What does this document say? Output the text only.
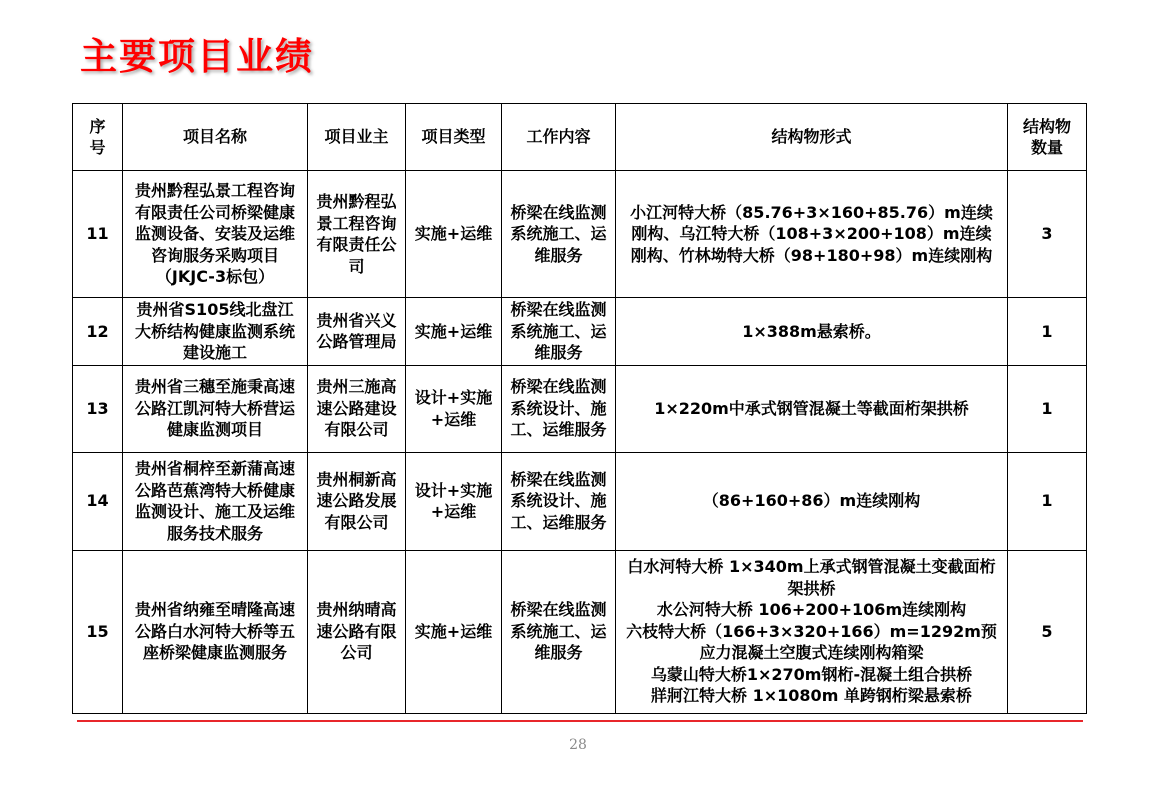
主要项目业绩
序号	项目名称	项目业主	项目类型	工作内容	结构物形式	结构物数量
11	贵州黔程弘景工程咨询有限责任公司桥梁健康监测设备、安装及运维咨询服务采购项目（JKJC-3标包）	贵州黔程弘景工程咨询有限责任公司	实施+运维	桥梁在线监测系统施工、运维服务	小江河特大桥（85.76+3×160+85.76）m连续刚构、乌江特大桥（108+3×200+108）m连续刚构、竹林坳特大桥（98+180+98）m连续刚构	3
12	贵州省S105线北盘江大桥结构健康监测系统建设施工	贵州省兴义公路管理局	实施+运维	桥梁在线监测系统施工、运维服务	1×388m悬索桥。	1
13	贵州省三穗至施秉高速公路江凯河特大桥营运健康监测项目	贵州三施高速公路建设有限公司	设计+实施+运维	桥梁在线监测系统设计、施工、运维服务	1×220m中承式钢管混凝土等截面桁架拱桥	1
14	贵州省桐梓至新蒲高速公路芭蕉湾特大桥健康监测设计、施工及运维服务技术服务	贵州桐新高速公路发展有限公司	设计+实施+运维	桥梁在线监测系统设计、施工、运维服务	（86+160+86）m连续刚构	1
15	贵州省纳雍至晴隆高速公路白水河特大桥等五座桥梁健康监测服务	贵州纳晴高速公路有限公司	实施+运维	桥梁在线监测系统施工、运维服务	白水河特大桥 1×340m上承式钢管混凝土变截面桁架拱桥
水公河特大桥 106+200+106m连续刚构
六枝特大桥（166+3×320+166）m=1292m预应力混凝土空腹式连续刚构箱梁
乌蒙山特大桥1×270m钢桁-混凝土组合拱桥
牂牁江特大桥 1×1080m 单跨钢桁梁悬索桥	5
28
